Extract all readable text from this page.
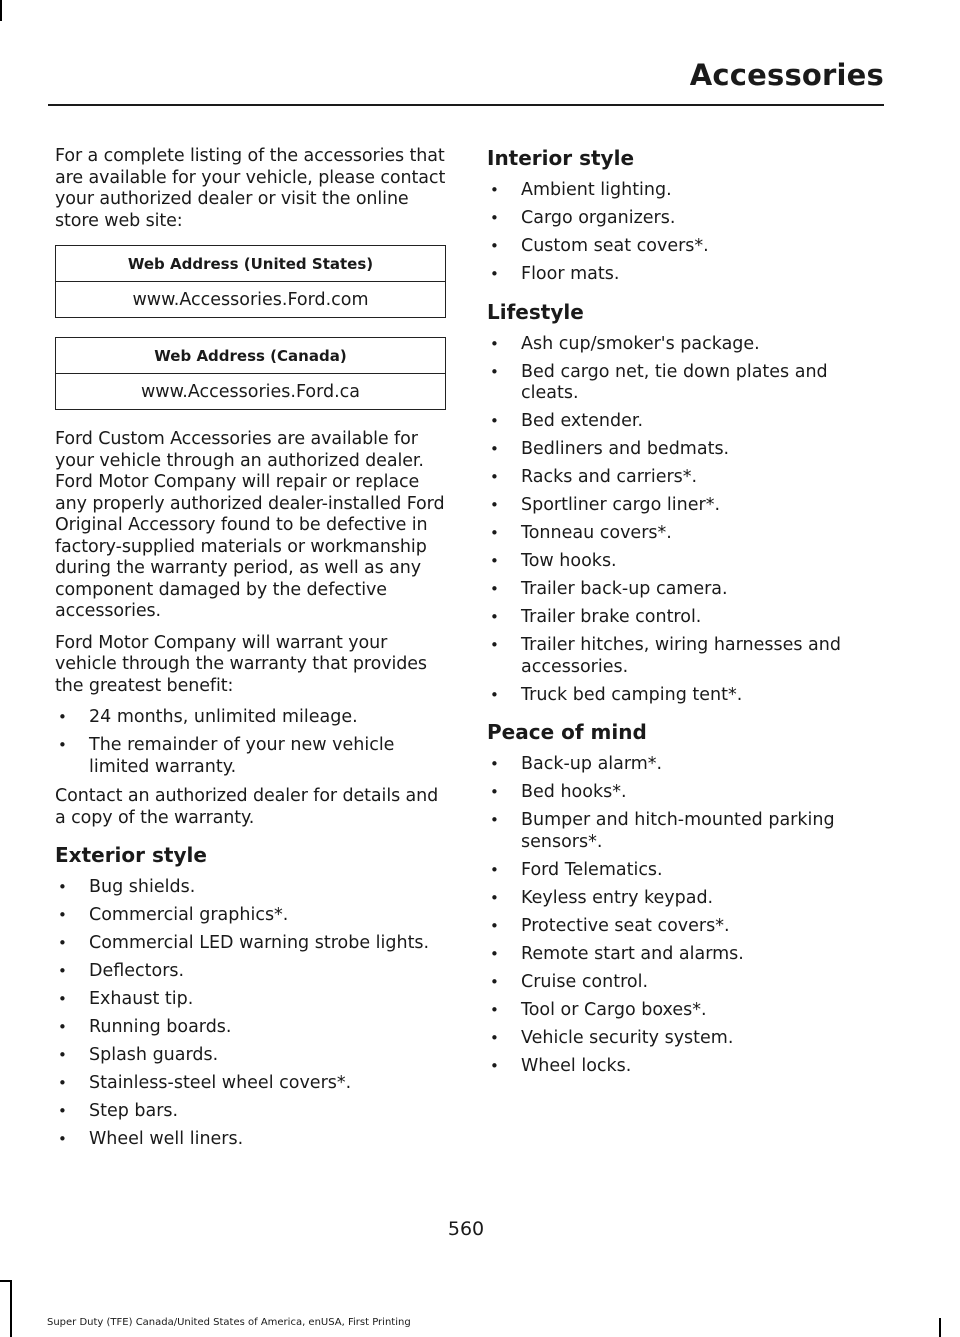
Accessories

For a complete listing of the accessories that are available for your vehicle, please contact your authorized dealer or visit the online store web site:

Web Address (United States)
www.Accessories.Ford.com
Web Address (Canada)
www.Accessories.Ford.ca

Ford Custom Accessories are available for your vehicle through an authorized dealer. Ford Motor Company will repair or replace any properly authorized dealer-installed Ford Original Accessory found to be defective in factory-supplied materials or workmanship during the warranty period, as well as any component damaged by the defective accessories.

Ford Motor Company will warrant your vehicle through the warranty that provides the greatest benefit:

• 24 months, unlimited mileage.
• The remainder of your new vehicle limited warranty.

Contact an authorized dealer for details and a copy of the warranty.

Exterior style
• Bug shields.
• Commercial graphics*.
• Commercial LED warning strobe lights.
• Deflectors.
• Exhaust tip.
• Running boards.
• Splash guards.
• Stainless-steel wheel covers*.
• Step bars.
• Wheel well liners.
Interior style
• Ambient lighting.
• Cargo organizers.
• Custom seat covers*.
• Floor mats.
Lifestyle
• Ash cup/smoker's package.
• Bed cargo net, tie down plates and cleats.
• Bed extender.
• Bedliners and bedmats.
• Racks and carriers*.
• Sportliner cargo liner*.
• Tonneau covers*.
• Tow hooks.
• Trailer back-up camera.
• Trailer brake control.
• Trailer hitches, wiring harnesses and accessories.
• Truck bed camping tent*.
Peace of mind
• Back-up alarm*.
• Bed hooks*.
• Bumper and hitch-mounted parking sensors*.
• Ford Telematics.
• Keyless entry keypad.
• Protective seat covers*.
• Remote start and alarms.
• Cruise control.
• Tool or Cargo boxes*.
• Vehicle security system.
• Wheel locks.
560
Super Duty (TFE) Canada/United States of America, enUSA, First Printing
